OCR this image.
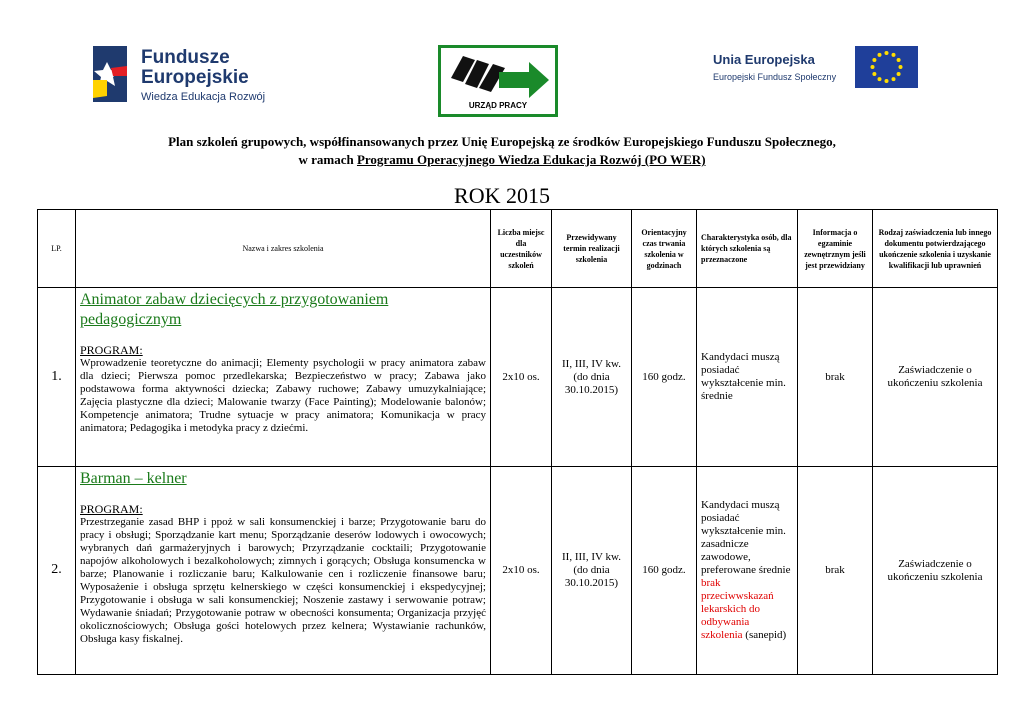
Fundusze
Europejskie
Wiedza Edukacja Rozwój
URZĄD PRACY
Unia Europejska
Europejski Fundusz Społeczny
Plan szkoleń grupowych, współfinansowanych przez Unię Europejską ze środków Europejskiego Funduszu Społecznego,
w ramach Programu Operacyjnego Wiedza Edukacja Rozwój (PO WER)
ROK 2015
LP.	Nazwa i zakres szkolenia	Liczba miejsc dla uczestników szkoleń	Przewidywany termin realizacji szkolenia	Orientacyjny czas trwania szkolenia w godzinach	Charakterystyka osób, dla których szkolenia są przeznaczone	Informacja o egzaminie zewnętrznym jeśli jest przewidziany	Rodzaj zaświadczenia lub innego dokumentu potwierdzającego ukończenie szkolenia i uzyskanie kwalifikacji lub uprawnień
1.	Animator zabaw dziecięcych z przygotowaniem pedagogicznym
PROGRAM:
Wprowadzenie teoretyczne do animacji; Elementy psychologii w pracy animatora zabaw dla dzieci; Pierwsza pomoc przedlekarska; Bezpieczeństwo w pracy; Zabawa jako podstawowa forma aktywności dziecka; Zabawy ruchowe; Zabawy umuzykalniające; Zajęcia plastyczne dla dzieci; Malowanie twarzy (Face Painting); Modelowanie balonów; Kompetencje animatora; Trudne sytuacje w pracy animatora; Komunikacja w pracy animatora; Pedagogika i metodyka pracy z dziećmi.	2x10 os.	II, III, IV kw. (do dnia 30.10.2015)	160 godz.	Kandydaci muszą posiadać wykształcenie min. średnie	brak	Zaświadczenie o ukończeniu szkolenia
2.	Barman – kelner
PROGRAM:
Przestrzeganie zasad BHP i ppoż w sali konsumenckiej i barze; Przygotowanie baru do pracy i obsługi; Sporządzanie kart menu; Sporządzanie deserów lodowych i owocowych; wybranych dań garmażeryjnych i barowych; Przyrządzanie cocktaili; Przygotowanie napojów alkoholowych i bezalkoholowych; zimnych i gorących; Obsługa konsumencka w barze; Planowanie i rozliczanie baru; Kalkulowanie cen i rozliczenie finansowe baru; Wyposażenie i obsługa sprzętu kelnerskiego w części konsumenckiej i ekspedycyjnej; Przygotowanie i obsługa w sali konsumenckiej; Noszenie zastawy i serwowanie potraw; Wydawanie śniadań; Przygotowanie potraw w obecności konsumenta; Organizacja przyjęć okolicznościowych; Obsługa gości hotelowych przez kelnera; Wystawianie rachunków, Obsługa kasy fiskalnej.	2x10 os.	II, III, IV kw. (do dnia 30.10.2015)	160 godz.	Kandydaci muszą posiadać wykształcenie min. zasadnicze zawodowe, preferowane średnie brak przeciwwskazań lekarskich do odbywania szkolenia (sanepid)	brak	Zaświadczenie o ukończeniu szkolenia
